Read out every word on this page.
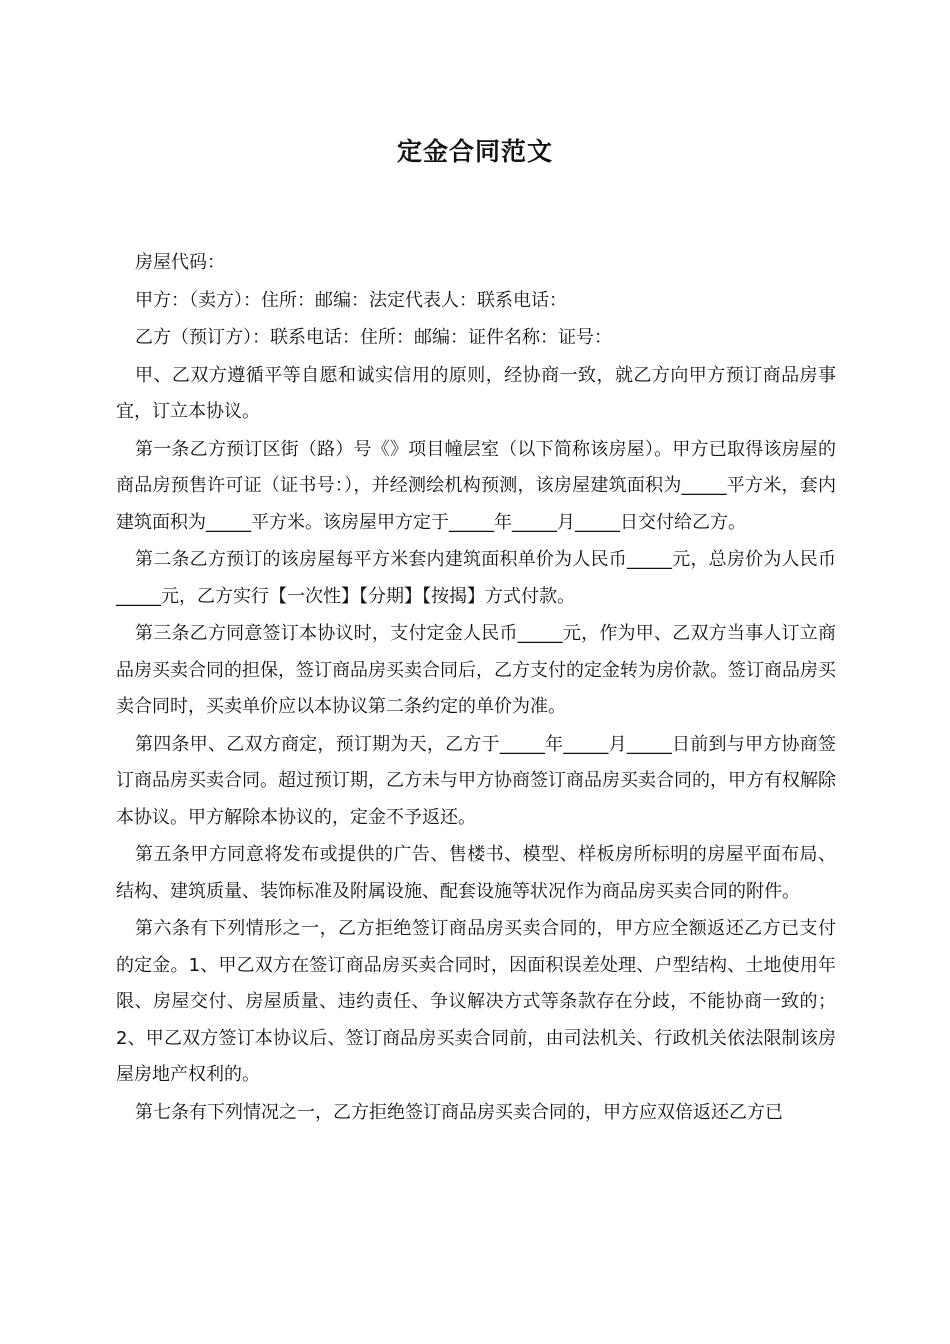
定金合同范文

房屋代码：

甲方：（卖方）：住所：邮编：法定代表人：联系电话：

乙方（预订方）：联系电话：住所：邮编：证件名称：证号：

甲、乙双方遵循平等自愿和诚实信用的原则，经协商一致，就乙方向甲方预订商品房事宜，订立本协议。

第一条乙方预订区街（路）号《》项目幢层室（以下简称该房屋）。甲方已取得该房屋的商品房预售许可证（证书号：），并经测绘机构预测，该房屋建筑面积为_____平方米，套内建筑面积为_____平方米。该房屋甲方定于_____年_____月_____日交付给乙方。

第二条乙方预订的该房屋每平方米套内建筑面积单价为人民币_____元，总房价为人民币_____元，乙方实行【一次性】【分期】【按揭】方式付款。

第三条乙方同意签订本协议时，支付定金人民币_____元，作为甲、乙双方当事人订立商品房买卖合同的担保，签订商品房买卖合同后，乙方支付的定金转为房价款。签订商品房买卖合同时，买卖单价应以本协议第二条约定的单价为准。

第四条甲、乙双方商定，预订期为天，乙方于_____年_____月_____日前到与甲方协商签订商品房买卖合同。超过预订期，乙方未与甲方协商签订商品房买卖合同的，甲方有权解除本协议。甲方解除本协议的，定金不予返还。

第五条甲方同意将发布或提供的广告、售楼书、模型、样板房所标明的房屋平面布局、结构、建筑质量、装饰标准及附属设施、配套设施等状况作为商品房买卖合同的附件。

第六条有下列情形之一，乙方拒绝签订商品房买卖合同的，甲方应全额返还乙方已支付的定金。1、甲乙双方在签订商品房买卖合同时，因面积误差处理、户型结构、土地使用年限、房屋交付、房屋质量、违约责任、争议解决方式等条款存在分歧，不能协商一致的；2、甲乙双方签订本协议后、签订商品房买卖合同前，由司法机关、行政机关依法限制该房屋房地产权利的。

第七条有下列情况之一，乙方拒绝签订商品房买卖合同的，甲方应双倍返还乙方已
